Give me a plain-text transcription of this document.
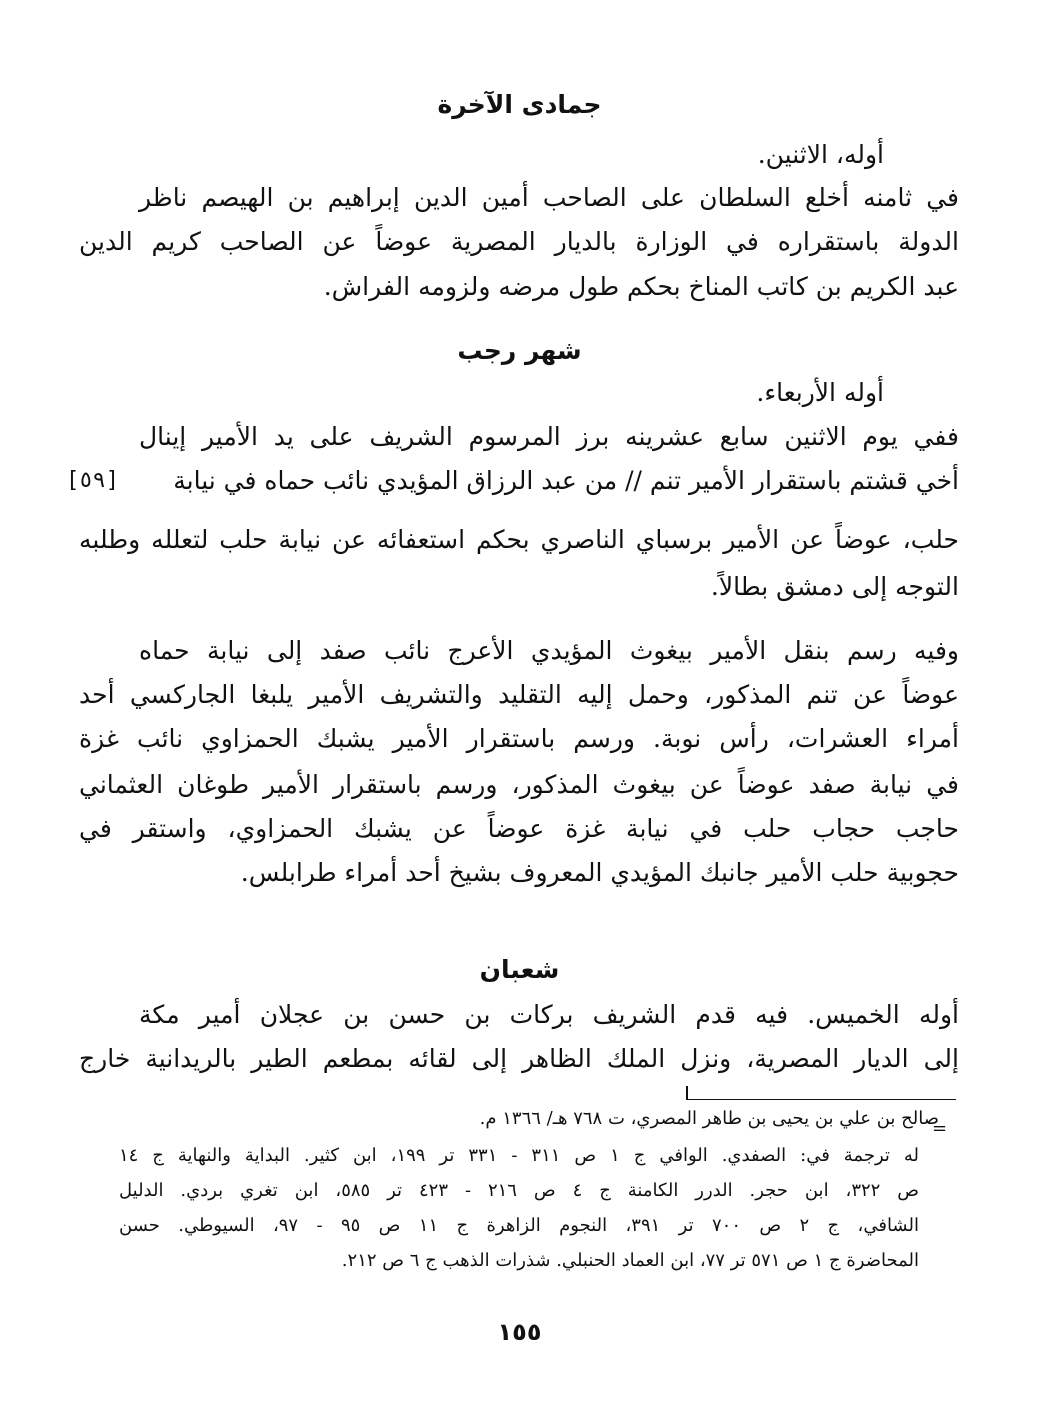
جمادى الآخرة
أوله، الاثنين.
في ثامنه أخلع السلطان على الصاحب أمين الدين إبراهيم بن الهيصم ناظر
الدولة باستقراره في الوزارة بالديار المصرية عوضاً عن الصاحب كريم الدين
عبد الكريم بن كاتب المناخ بحكم طول مرضه ولزومه الفراش.
شهر رجب
أوله الأربعاء.
ففي يوم الاثنين سابع عشرينه برز المرسوم الشريف على يد الأمير إينال
أخي قشتم باستقرار الأمير تنم // من عبد الرزاق المؤيدي نائب حماه في نيابة
[٥٩]
حلب، عوضاً عن الأمير برسباي الناصري بحكم استعفائه عن نيابة حلب لتعلله وطلبه
التوجه إلى دمشق بطالاً.
وفيه رسم بنقل الأمير بيغوث المؤيدي الأعرج نائب صفد إلى نيابة حماه
عوضاً عن تنم المذكور، وحمل إليه التقليد والتشريف الأمير يلبغا الجاركسي أحد
أمراء العشرات، رأس نوبة. ورسم باستقرار الأمير يشبك الحمزاوي نائب غزة
في نيابة صفد عوضاً عن بيغوث المذكور، ورسم باستقرار الأمير طوغان العثماني
حاجب حجاب حلب في نيابة غزة عوضاً عن يشبك الحمزاوي، واستقر في
حجوبية حلب الأمير جانبك المؤيدي المعروف بشيخ أحد أمراء طرابلس.
شعبان
أوله الخميس. فيه قدم الشريف بركات بن حسن بن عجلان أمير مكة
إلى الديار المصرية، ونزل الملك الظاهر إلى لقائه بمطعم الطير بالريدانية خارج
=
صالح بن علي بن يحيى بن طاهر المصري، ت ٧٦٨ هـ/ ١٣٦٦ م.
له ترجمة في: الصفدي. الوافي ج ١ ص ٣١١ - ٣٣١ تر ١٩٩، ابن كثير. البداية والنهاية ج ١٤
ص ٣٢٢، ابن حجر. الدرر الكامنة ج ٤ ص ٢١٦ - ٤٢٣ تر ٥٨٥، ابن تغري بردي. الدليل
الشافي، ج ٢ ص ٧٠٠ تر ٣٩١، النجوم الزاهرة ج ١١ ص ٩٥ - ٩٧، السيوطي. حسن
المحاضرة ج ١ ص ٥٧١ تر ٧٧، ابن العماد الحنبلي. شذرات الذهب ج ٦ ص ٢١٢.
١٥٥
